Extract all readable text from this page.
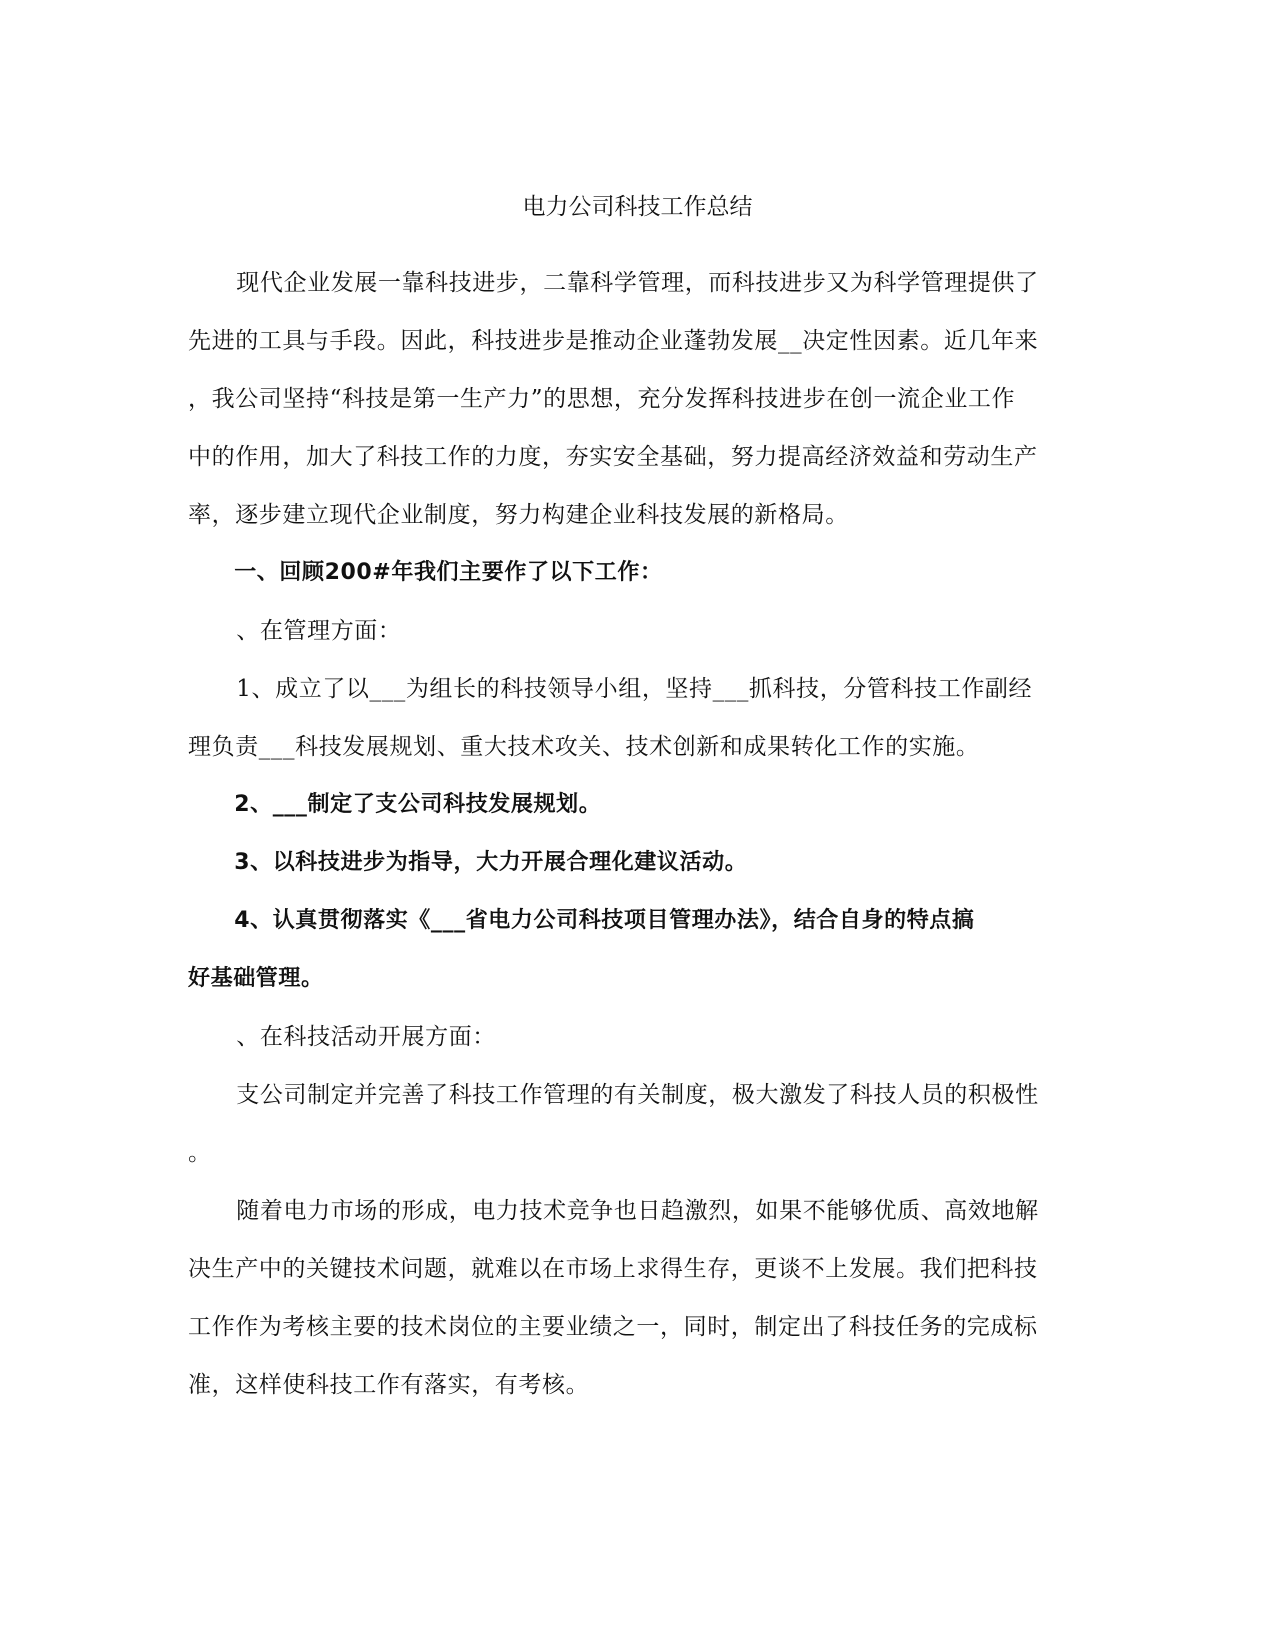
电力公司科技工作总结

现代企业发展一靠科技进步，二靠科学管理，而科技进步又为科学管理提供了
先进的工具与手段。因此，科技进步是推动企业蓬勃发展__决定性因素。近几年来
，我公司坚持“科技是第一生产力”的思想，充分发挥科技进步在创一流企业工作
中的作用，加大了科技工作的力度，夯实安全基础，努力提高经济效益和劳动生产
率，逐步建立现代企业制度，努力构建企业科技发展的新格局。

一、回顾200#年我们主要作了以下工作：

、在管理方面：

1、成立了以___为组长的科技领导小组，坚持___抓科技，分管科技工作副经
理负责___科技发展规划、重大技术攻关、技术创新和成果转化工作的实施。

2、___制定了支公司科技发展规划。

3、以科技进步为指导，大力开展合理化建议活动。

4、认真贯彻落实《___省电力公司科技项目管理办法》，结合自身的特点搞
好基础管理。

、在科技活动开展方面：

支公司制定并完善了科技工作管理的有关制度，极大激发了科技人员的积极性
。

随着电力市场的形成，电力技术竞争也日趋激烈，如果不能够优质、高效地解
决生产中的关键技术问题，就难以在市场上求得生存，更谈不上发展。我们把科技
工作作为考核主要的技术岗位的主要业绩之一，同时，制定出了科技任务的完成标
准，这样使科技工作有落实，有考核。
